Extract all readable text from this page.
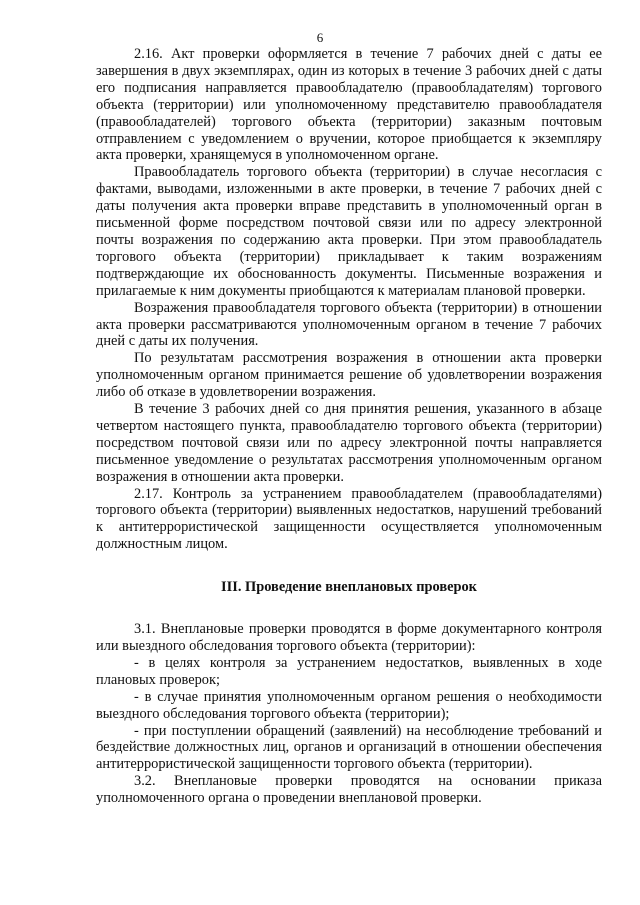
6

2.16. Акт проверки оформляется в течение 7 рабочих дней с даты ее завершения в двух экземплярах, один из которых в течение 3 рабочих дней с даты его подписания направляется правообладателю (правообладателям) торгового объекта (территории) или уполномоченному представителю правообладателя (правообладателей) торгового объекта (территории) заказным почтовым отправлением с уведомлением о вручении, которое приобщается к экземпляру акта проверки, хранящемуся в уполномоченном органе.

Правообладатель торгового объекта (территории) в случае несогласия с фактами, выводами, изложенными в акте проверки, в течение 7 рабочих дней с даты получения акта проверки вправе представить в уполномоченный орган в письменной форме посредством почтовой связи или по адресу электронной почты возражения по содержанию акта проверки. При этом правообладатель торгового объекта (территории) прикладывает к таким возражениям подтверждающие их обоснованность документы. Письменные возражения и прилагаемые к ним документы приобщаются к материалам плановой проверки.

Возражения правообладателя торгового объекта (территории) в отношении акта проверки рассматриваются уполномоченным органом в течение 7 рабочих дней с даты их получения.

По результатам рассмотрения возражения в отношении акта проверки уполномоченным органом принимается решение об удовлетворении возражения либо об отказе в удовлетворении возражения.

В течение 3 рабочих дней со дня принятия решения, указанного в абзаце четвертом настоящего пункта, правообладателю торгового объекта (территории) посредством почтовой связи или по адресу электронной почты направляется письменное уведомление о результатах рассмотрения уполномоченным органом возражения в отношении акта проверки.

2.17. Контроль за устранением правообладателем (правообладателями) торгового объекта (территории) выявленных недостатков, нарушений требований к антитеррористической защищенности осуществляется уполномоченным должностным лицом.

III. Проведение внеплановых проверок

3.1. Внеплановые проверки проводятся в форме документарного контроля или выездного обследования торгового объекта (территории):

- в целях контроля за устранением недостатков, выявленных в ходе плановых проверок;

- в случае принятия уполномоченным органом решения о необходимости выездного обследования торгового объекта (территории);

- при поступлении обращений (заявлений) на несоблюдение требований и бездействие должностных лиц, органов и организаций в отношении обеспечения антитеррористической защищенности торгового объекта (территории).

3.2. Внеплановые проверки проводятся на основании приказа уполномоченного органа о проведении внеплановой проверки.
